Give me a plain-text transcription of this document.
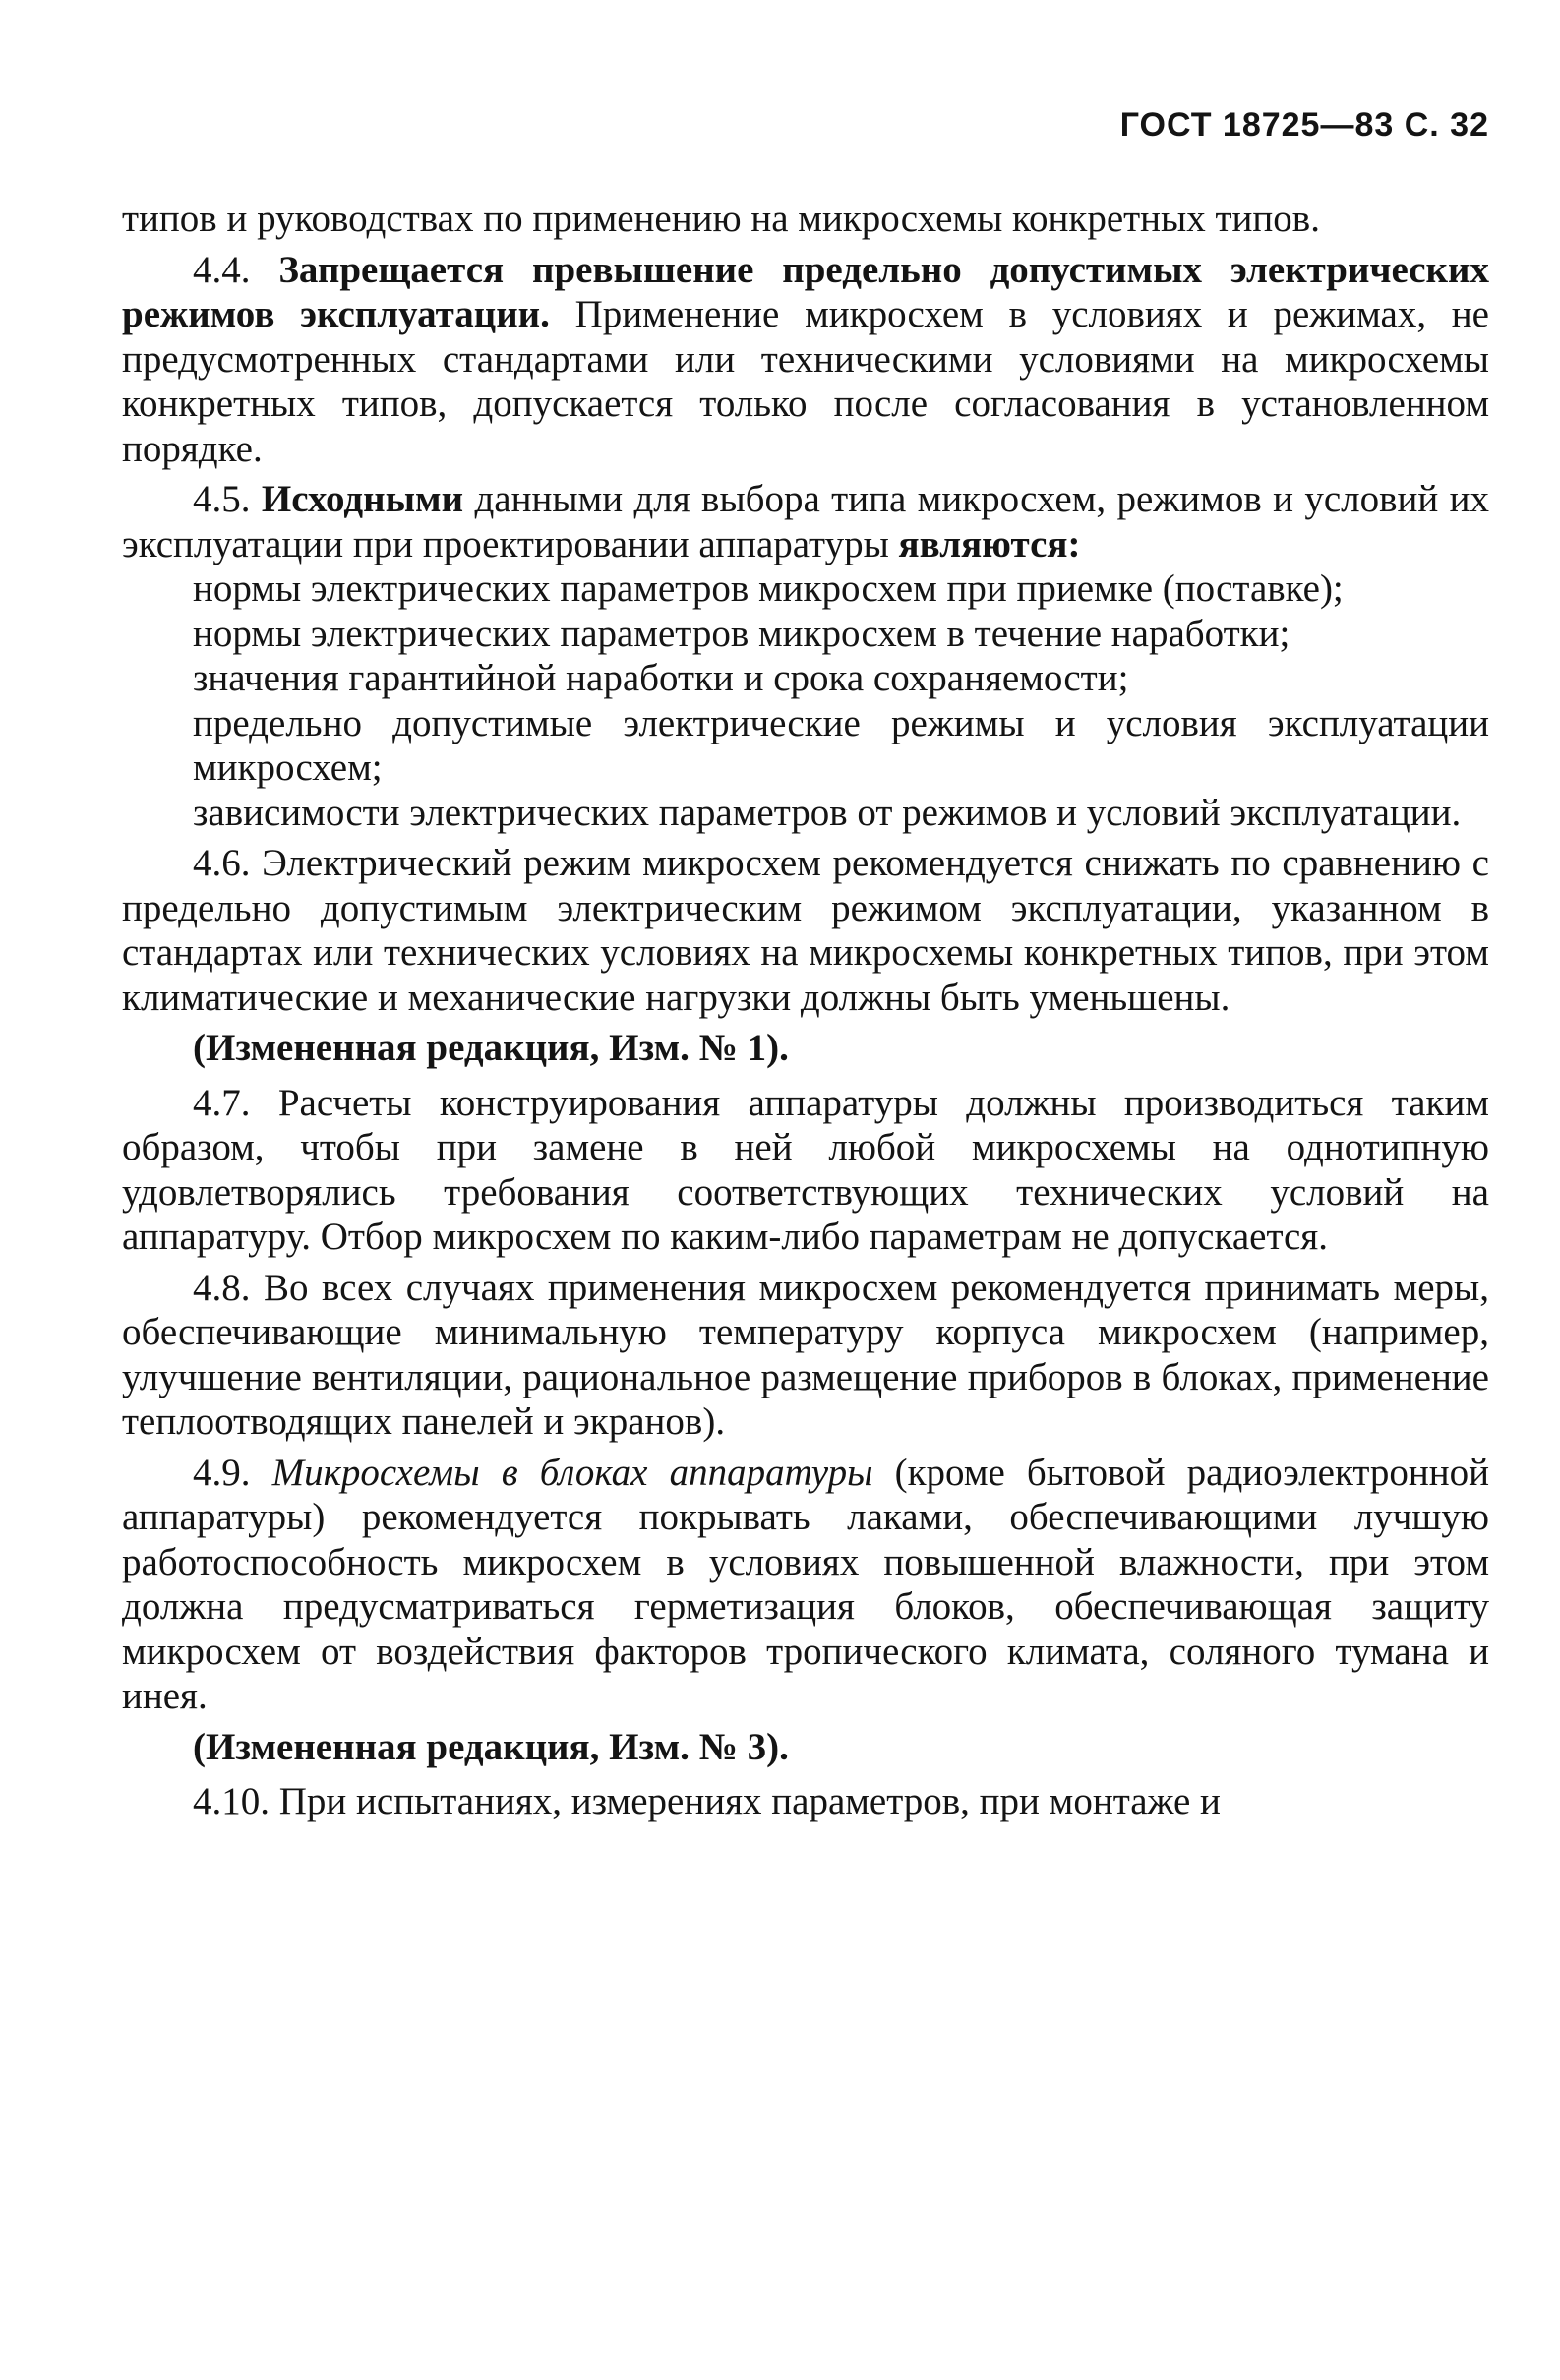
ГОСТ 18725—83 С. 32

типов и руководствах по применению на микросхемы конкретных типов.

4.4. Запрещается превышение предельно допустимых электрических режимов эксплуатации. Применение микросхем в условиях и режимах, не предусмотренных стандартами или техническими условиями на микросхемы конкретных типов, допускается только после согласования в установленном порядке.

4.5. Исходными данными для выбора типа микросхем, режимов и условий их эксплуатации при проектировании аппаратуры являются:

нормы электрических параметров микросхем при приемке (поставке);

нормы электрических параметров микросхем в течение наработки;

значения гарантийной наработки и срока сохраняемости;

предельно допустимые электрические режимы и условия эксплуатации микросхем;

зависимости электрических параметров от режимов и условий эксплуатации.

4.6. Электрический режим микросхем рекомендуется снижать по сравнению с предельно допустимым электрическим режимом эксплуатации, указанном в стандартах или технических условиях на микросхемы конкретных типов, при этом климатические и механические нагрузки должны быть уменьшены.

(Измененная редакция, Изм. № 1).

4.7. Расчеты конструирования аппаратуры должны производиться таким образом, чтобы при замене в ней любой микросхемы на однотипную удовлетворялись требования соответствующих технических условий на аппаратуру. Отбор микросхем по каким-либо параметрам не допускается.

4.8. Во всех случаях применения микросхем рекомендуется принимать меры, обеспечивающие минимальную температуру корпуса микросхем (например, улучшение вентиляции, рациональное размещение приборов в блоках, применение теплоотводящих панелей и экранов).

4.9. Микросхемы в блоках аппаратуры (кроме бытовой радиоэлектронной аппаратуры) рекомендуется покрывать лаками, обеспечивающими лучшую работоспособность микросхем в условиях повышенной влажности, при этом должна предусматриваться герметизация блоков, обеспечивающая защиту микросхем от воздействия факторов тропического климата, соляного тумана и инея.

(Измененная редакция, Изм. № 3).

4.10. При испытаниях, измерениях параметров, при монтаже и
